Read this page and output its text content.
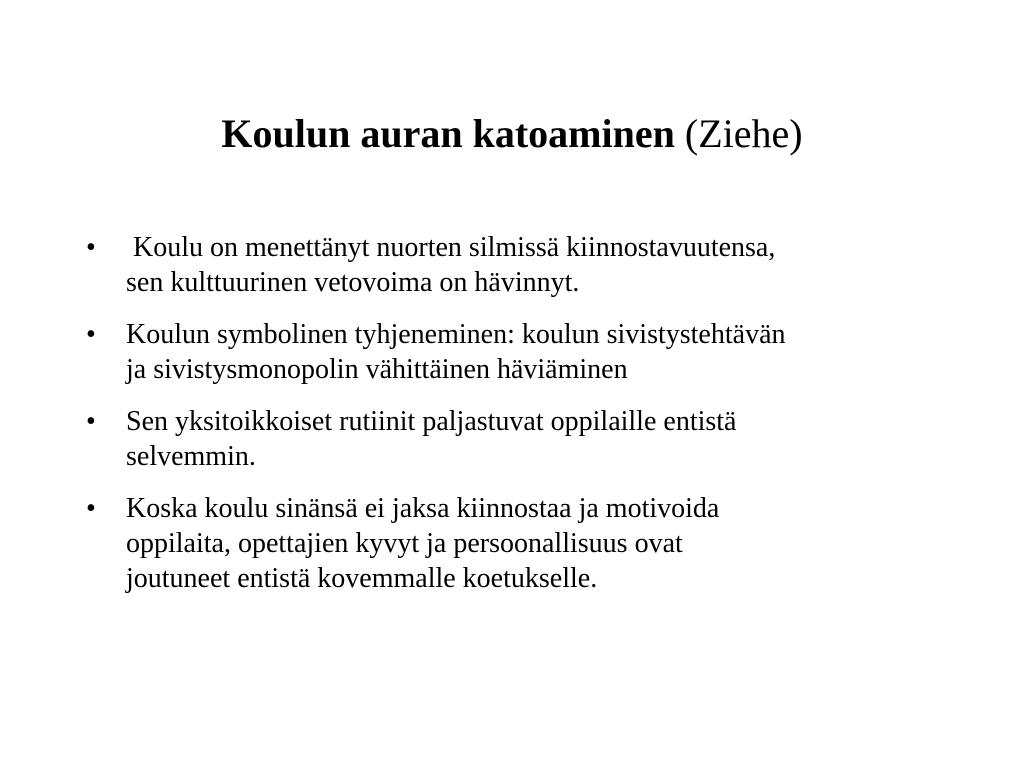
Koulun auran katoaminen (Ziehe)
•	Koulu on menettänyt nuorten silmissä kiinnostavuutensa,
sen kulttuurinen vetovoima on hävinnyt.
•	Koulun symbolinen tyhjeneminen: koulun sivistystehtävän
ja sivistysmonopolin vähittäinen häviäminen
•	Sen yksitoikkoiset rutiinit paljastuvat oppilaille entistä
selvemmin.
•	Koska koulu sinänsä ei jaksa kiinnostaa ja motivoida
oppilaita, opettajien kyvyt ja persoonallisuus ovat
joutuneet entistä kovemmalle koetukselle.
